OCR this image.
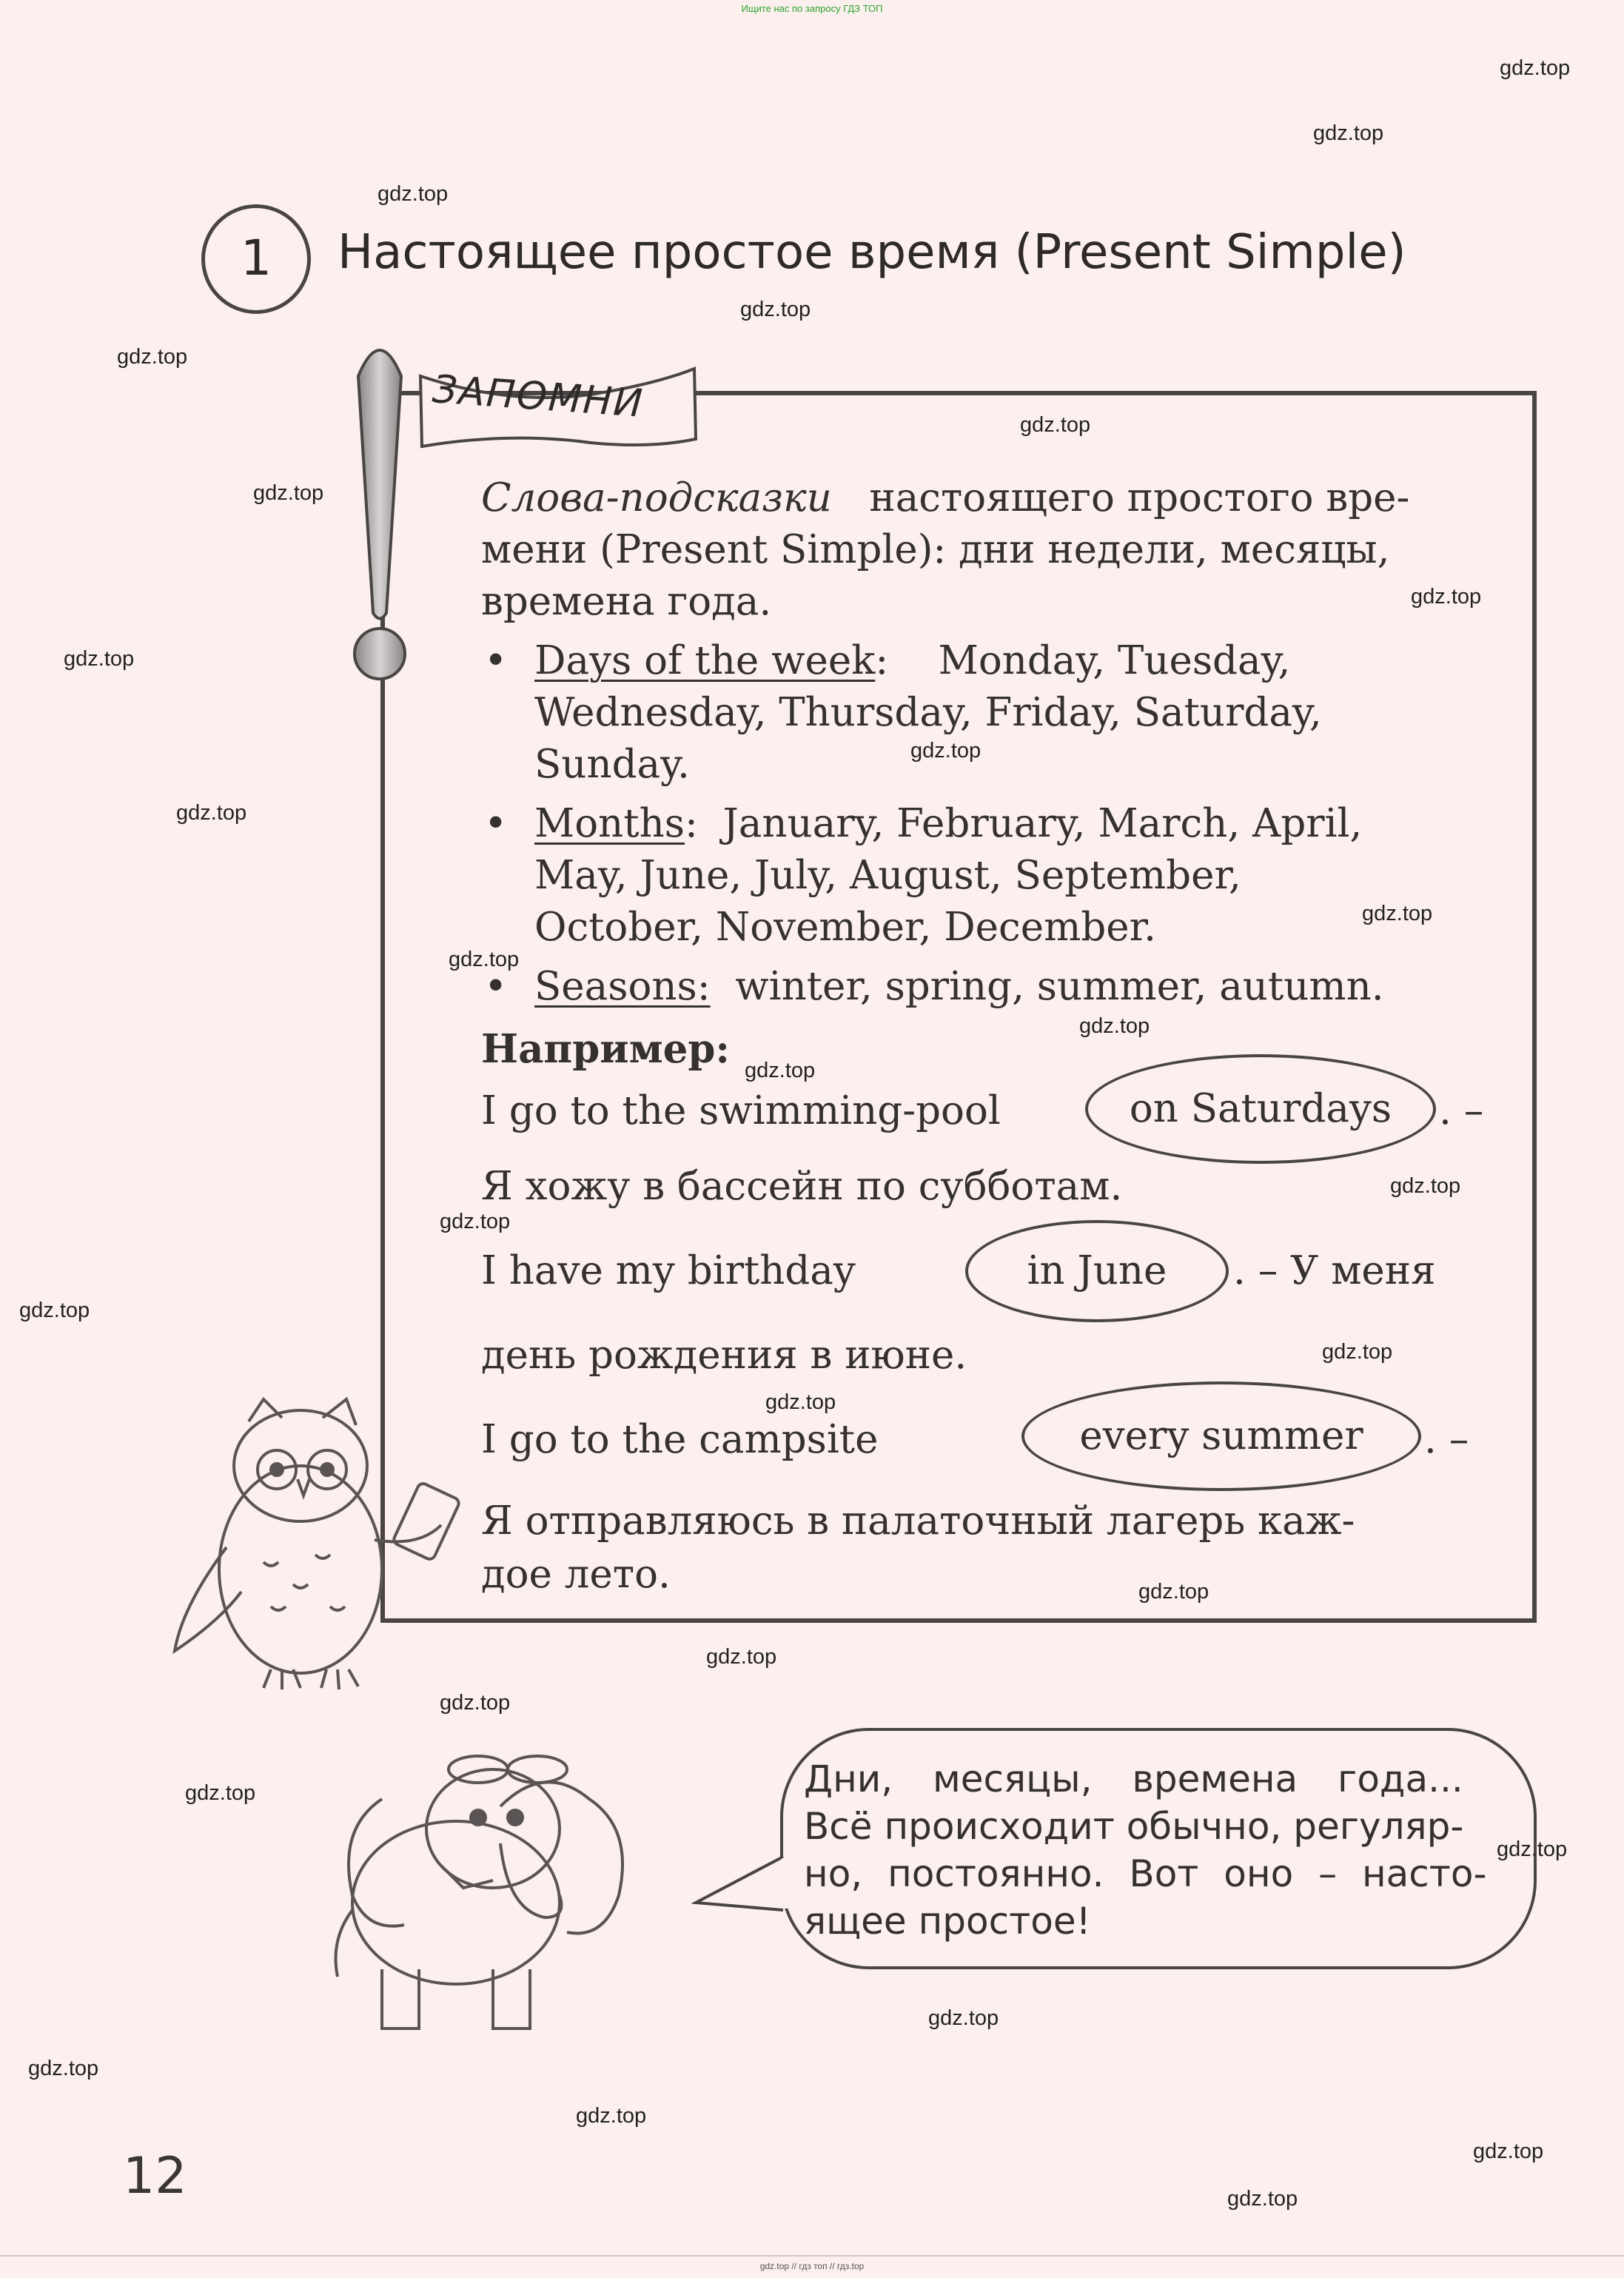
Ищите нас по запросу ГДЗ ТОП
1	Настоящее простое время (Present Simple)
ЗАПОМНИ
Слова-подсказки настоящего простого вре-
мени (Present Simple): дни недели, месяцы,
времена года.
• Days of the week: Monday, Tuesday,
Wednesday, Thursday, Friday, Saturday,
Sunday.
• Months: January, February, March, April,
May, June, July, August, September,
October, November, December.
• Seasons: winter, spring, summer, autumn.
Например:
I go to the swimming-pool	on Saturdays	. –
Я хожу в бассейн по субботам.
I have my birthday	in June	. – У меня
день рождения в июне.
I go to the campsite	every summer	. –
Я отправляюсь в палаточный лагерь каж-
дое лето.
Дни, месяцы, времена года...
Всё происходит обычно, регуляр-
но, постоянно. Вот оно – насто-
ящее простое!
12
gdz.top
gdz.top
gdz.top
gdz.top
gdz.top
gdz.top
gdz.top
gdz.top
gdz.top
gdz.top
gdz.top
gdz.top
gdz.top
gdz.top
gdz.top
gdz.top
gdz.top
gdz.top
gdz.top
gdz.top
gdz.top
gdz.top
gdz.top
gdz.top
gdz.top
gdz.top
gdz.top
gdz.top
gdz.top
gdz.top
gdz.top // гдз топ // гдз.top
